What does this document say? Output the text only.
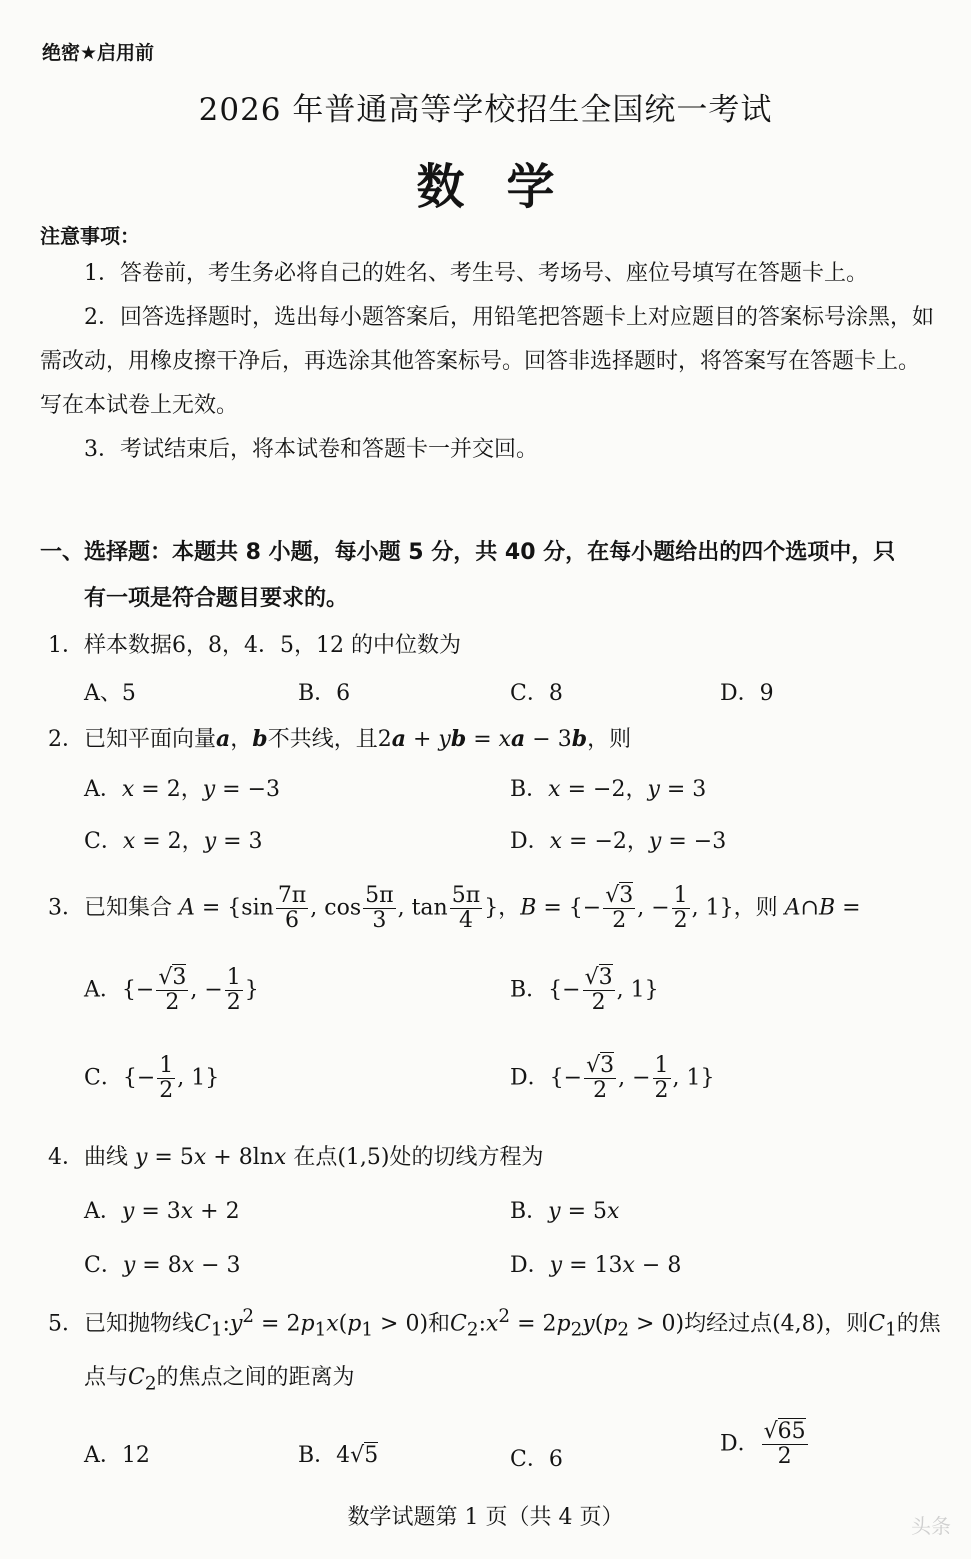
绝密★启用前
2026 年普通高等学校招生全国统一考试
数学
注意事项：

1．答卷前，考生务必将自己的姓名、考生号、考场号、座位号填写在答题卡上。

2．回答选择题时，选出每小题答案后，用铅笔把答题卡上对应题目的答案标号涂黑，如需改动，用橡皮擦干净后，再选涂其他答案标号。回答非选择题时，将答案写在答题卡上。写在本试卷上无效。

3．考试结束后，将本试卷和答题卡一并交回。

一、选择题：本题共 8 小题，每小题 5 分，共 40 分，在每小题给出的四个选项中，只
有一项是符合题目要求的。
1．样本数据6，8，4．5，12 的中位数为
A、5	B．6	C．8	D．9
2．已知平面向量a，b不共线，且2a + yb = xa − 3b，则
A．x = 2，y = −3	B．x = −2，y = 3
C．x = 2，y = 3	D．x = −2，y = −3
3．已知集合 $A = \{\sin \frac{7\pi}{6}$ , $\cos \frac{5\pi}{3}$ , $\tan \frac{5\pi}{4}$ }，B = {− $\frac{√3}{2}$ , − $\frac{1}{2}$ , 1}，则 A∩B =
A．{− $\frac{√3}{2}$ , − $\frac{1}{2}$ }	B．{− $\frac{√3}{2}$ , 1}
C．{− $\frac{1}{2}$ , 1}	D．{− $\frac{√3}{2}$ , − $\frac{1}{2}$ , 1}
4．曲线 y = 5x + 8lnx 在点(1,5)处的切线方程为
A．y = 3x + 2	B．y = 5x
C．y = 8x − 3	D．y = 13x − 8
5．已知抛物线$C_1:y^2 = 2p_1x(p_1 > 0)$和$C_2:x^2 = 2p_2y(p_2 > 0)$均经过点(4,8)，则$C_1$的焦
点与$C_2$的焦点之间的距离为
A．12	B．4√5	C．6
D． $\frac{√65}{2}$
数学试题第 1 页（共 4 页）	头条
